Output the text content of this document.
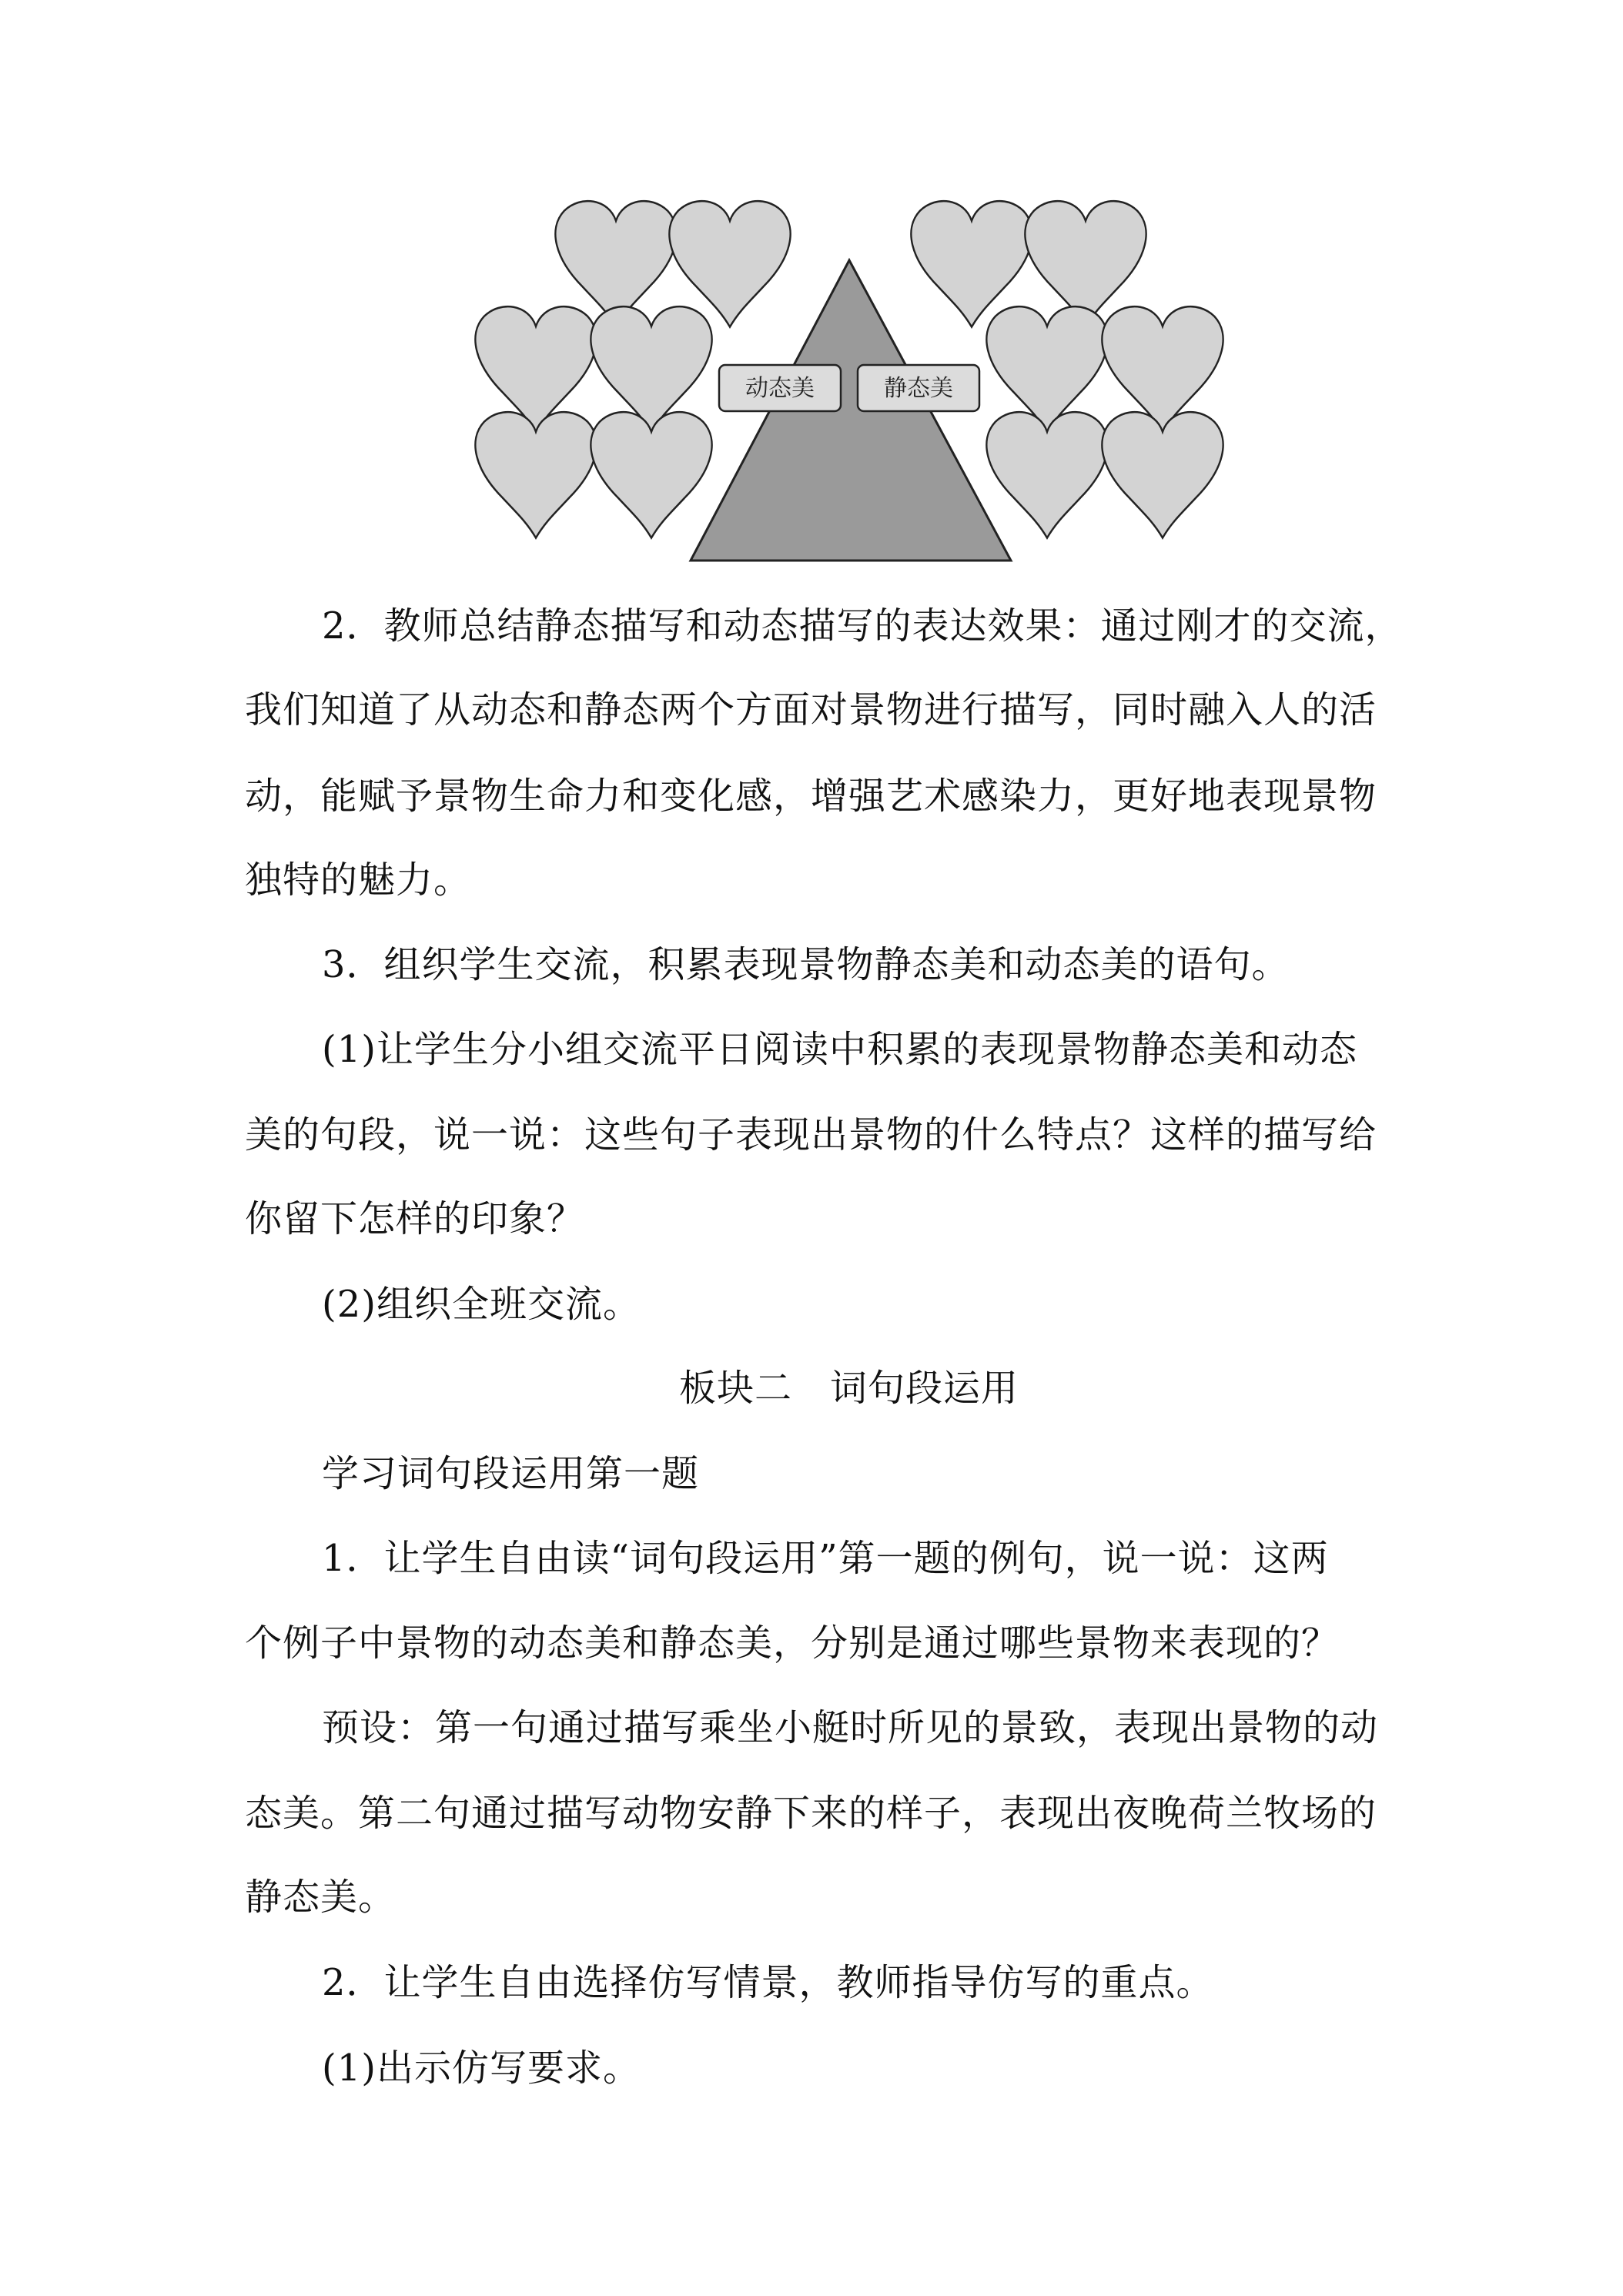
动态美	静态美
2．教师总结静态描写和动态描写的表达效果：通过刚才的交流，
我们知道了从动态和静态两个方面对景物进行描写，同时融入人的活
动，能赋予景物生命力和变化感，增强艺术感染力，更好地表现景物
独特的魅力。
3．组织学生交流，积累表现景物静态美和动态美的语句。
(1)让学生分小组交流平日阅读中积累的表现景物静态美和动态
美的句段，说一说：这些句子表现出景物的什么特点？这样的描写给
你留下怎样的印象？
(2)组织全班交流。
板块二　词句段运用
学习词句段运用第一题
1．让学生自由读“词句段运用”第一题的例句，说一说：这两
个例子中景物的动态美和静态美，分别是通过哪些景物来表现的？
预设：第一句通过描写乘坐小艇时所见的景致，表现出景物的动
态美。第二句通过描写动物安静下来的样子，表现出夜晚荷兰牧场的
静态美。
2．让学生自由选择仿写情景，教师指导仿写的重点。
(1)出示仿写要求。
